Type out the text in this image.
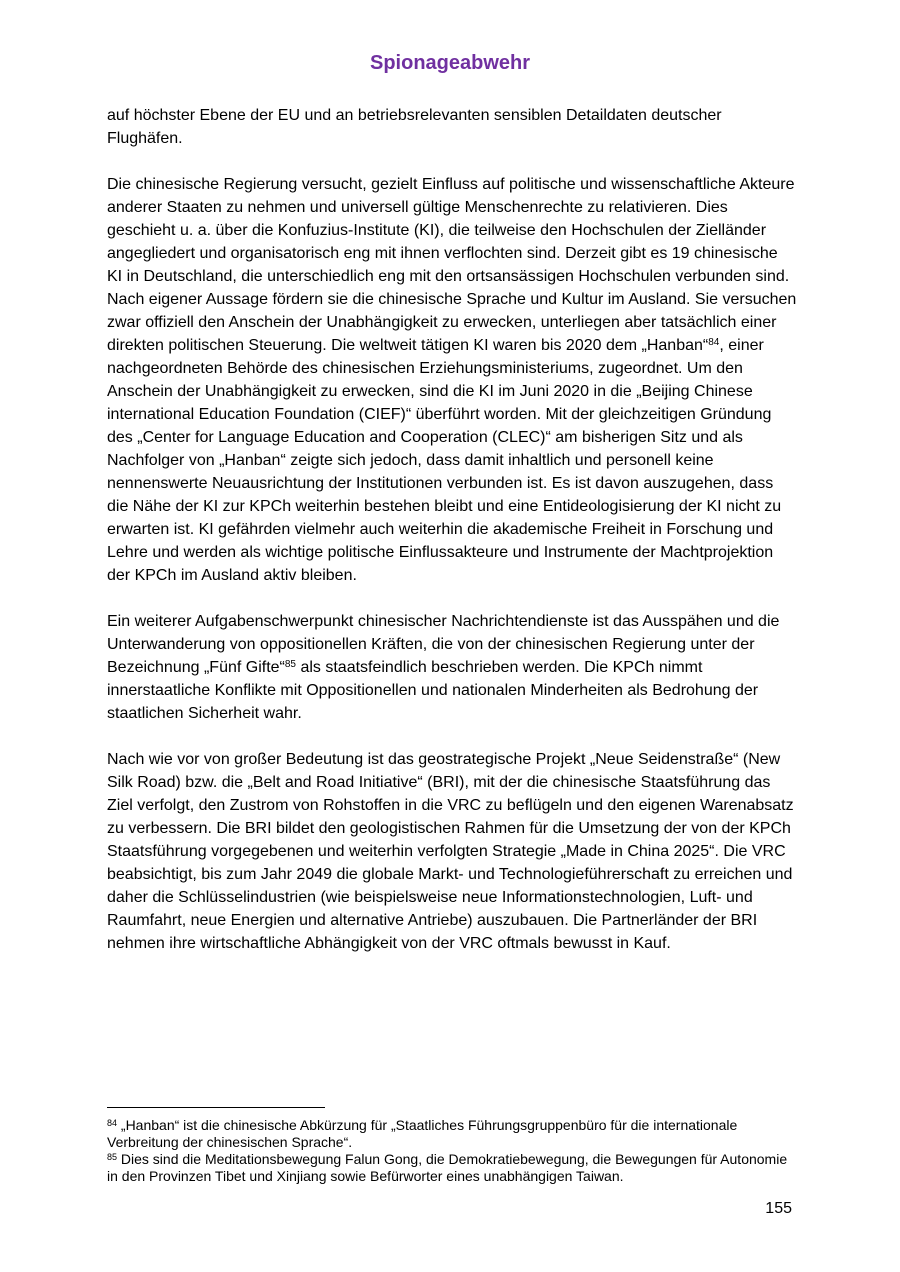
Spionageabwehr

auf höchster Ebene der EU und an betriebsrelevanten sensiblen Detaildaten deutscher Flughäfen.

Die chinesische Regierung versucht, gezielt Einfluss auf politische und wissenschaftliche Akteure anderer Staaten zu nehmen und universell gültige Menschenrechte zu relativieren. Dies geschieht u. a. über die Konfuzius-Institute (KI), die teilweise den Hochschulen der Zielländer angegliedert und organisatorisch eng mit ihnen verflochten sind. Derzeit gibt es 19 chinesische KI in Deutschland, die unterschiedlich eng mit den ortsansässigen Hochschulen verbunden sind. Nach eigener Aussage fördern sie die chinesische Sprache und Kultur im Ausland. Sie versuchen zwar offiziell den Anschein der Unabhängigkeit zu erwecken, unterliegen aber tatsächlich einer direkten politischen Steuerung. Die weltweit tätigen KI waren bis 2020 dem „Hanban“$^{84}$, einer nachgeordneten Behörde des chinesischen Erziehungsministeriums, zugeordnet. Um den Anschein der Unabhängigkeit zu erwecken, sind die KI im Juni 2020 in die „Beijing Chinese international Education Foundation (CIEF)“ überführt worden. Mit der gleichzeitigen Gründung des „Center for Language Education and Cooperation (CLEC)“ am bisherigen Sitz und als Nachfolger von „Hanban“ zeigte sich jedoch, dass damit inhaltlich und personell keine nennenswerte Neuausrichtung der Institutionen verbunden ist. Es ist davon auszugehen, dass die Nähe der KI zur KPCh weiterhin bestehen bleibt und eine Entideologisierung der KI nicht zu erwarten ist. KI gefährden vielmehr auch weiterhin die akademische Freiheit in Forschung und Lehre und werden als wichtige politische Einflussakteure und Instrumente der Machtprojektion der KPCh im Ausland aktiv bleiben.

Ein weiterer Aufgabenschwerpunkt chinesischer Nachrichtendienste ist das Ausspähen und die Unterwanderung von oppositionellen Kräften, die von der chinesischen Regierung unter der Bezeichnung „Fünf Gifte“$^{85}$ als staatsfeindlich beschrieben werden. Die KPCh nimmt innerstaatliche Konflikte mit Oppositionellen und nationalen Minderheiten als Bedrohung der staatlichen Sicherheit wahr.

Nach wie vor von großer Bedeutung ist das geostrategische Projekt „Neue Seidenstraße“ (New Silk Road) bzw. die „Belt and Road Initiative“ (BRI), mit der die chinesische Staatsführung das Ziel verfolgt, den Zustrom von Rohstoffen in die VRC zu beflügeln und den eigenen Warenabsatz zu verbessern. Die BRI bildet den geologistischen Rahmen für die Umsetzung der von der KPCh Staatsführung vorgegebenen und weiterhin verfolgten Strategie „Made in China 2025“. Die VRC beabsichtigt, bis zum Jahr 2049 die globale Markt- und Technologieführerschaft zu erreichen und daher die Schlüsselindustrien (wie beispielsweise neue Informationstechnologien, Luft- und Raumfahrt, neue Energien und alternative Antriebe) auszubauen. Die Partnerländer der BRI nehmen ihre wirtschaftliche Abhängigkeit von der VRC oftmals bewusst in Kauf.

$^{84}$ „Hanban“ ist die chinesische Abkürzung für „Staatliches Führungsgruppenbüro für die internationale Verbreitung der chinesischen Sprache“.

$^{85}$ Dies sind die Meditationsbewegung Falun Gong, die Demokratiebewegung, die Bewegungen für Autonomie in den Provinzen Tibet und Xinjiang sowie Befürworter eines unabhängigen Taiwan.

155
